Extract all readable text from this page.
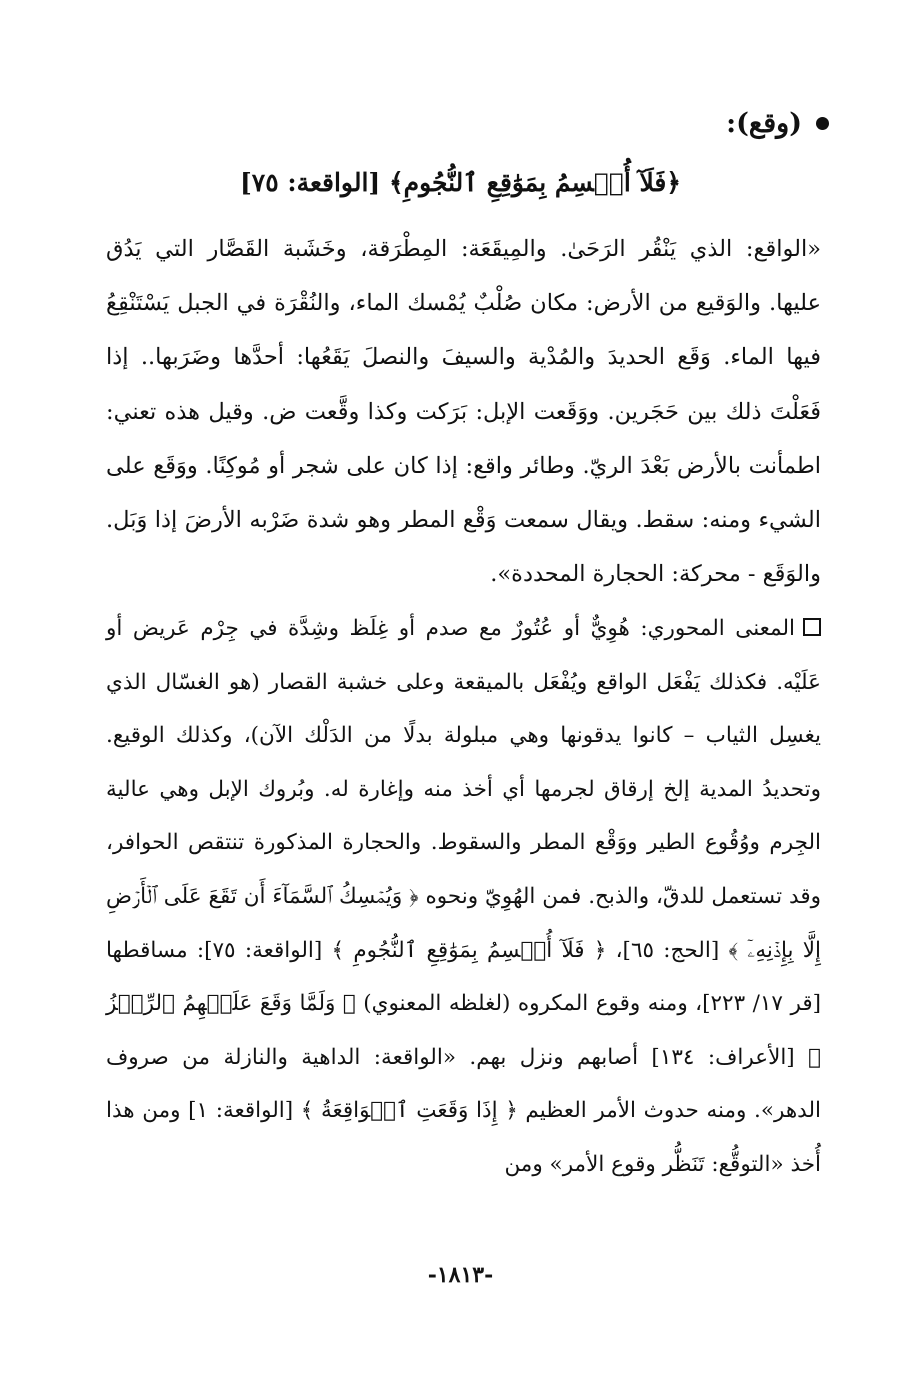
(وقع):
﴿فَلَآ أُقۡسِمُ بِمَوَٰقِعِ ٱلنُّجُومِ﴾ [الواقعة: ٧٥]

«الواقع: الذي يَنْقُر الرَحَىٰ. والمِيقَعَة: المِطْرَقة، وخَشَبة القَصَّار التي يَدُق عليها. والوَقيع من الأرض: مكان صُلْبٌ يُمْسك الماء، والنُقْرَة في الجبل يَسْتَنْقِعُ فيها الماء. وَقَع الحديدَ والمُدْية والسيفَ والنصلَ يَقَعُها: أحدَّها وضَرَبها.. إذا فَعَلْتَ ذلك بين حَجَرين. ووَقَعت الإبل: بَرَكت وكذا وقَّعت ض. وقيل هذه تعني: اطمأنت بالأرض بَعْدَ الريّ. وطائر واقع: إذا كان على شجر أو مُوكِنًا. ووَقَع على الشيء ومنه: سقط. ويقال سمعت وَقْع المطر وهو شدة ضَرْبه الأرضَ إذا وَبَل. والوَقَع - محركة: الحجارة المحددة».

المعنى المحوري: هُوِيٌّ أو عُتُورٌ مع صدم أو غِلَظ وشِدَّة في جِرْم عَريض أو عَلَيْه. فكذلك يَفْعَل الواقع ويُفْعَل بالميقعة وعلى خشبة القصار (هو الغسّال الذي يغسِل الثياب – كانوا يدقونها وهي مبلولة بدلًا من الدَلْك الآن)، وكذلك الوقيع. وتحديدُ المدية إلخ إرقاق لجرمها أي أخذ منه وإغارة له. وبُروك الإبل وهي عالية الجِرم ووُقُوع الطير ووَقْع المطر والسقوط. والحجارة المذكورة تنتقص الحوافر، وقد تستعمل للدقّ، والذبح. فمن الهُوِيّ ونحوه ﴿ وَيُمۡسِكُ ٱلسَّمَآءَ أَن تَقَعَ عَلَى ٱلۡأَرۡضِ إِلَّا بِإِذۡنِهِۦٓ ﴾ [الحج: ٦٥]، ﴿ فَلَآ أُقۡسِمُ بِمَوَٰقِعِ ٱلنُّجُومِ ﴾ [الواقعة: ٧٥]: مساقطها [قر ١٧/ ٢٢٣]، ومنه وقوع المكروه (لغلظه المعنوي) ﴿ وَلَمَّا وَقَعَ عَلَيۡهِمُ ٱلرِّجۡزُ ﴾ [الأعراف: ١٣٤] أصابهم ونزل بهم. «الواقعة: الداهية والنازلة من صروف الدهر». ومنه حدوث الأمر العظيم ﴿ إِذَا وَقَعَتِ ٱلۡوَاقِعَةُ ﴾ [الواقعة: ١] ومن هذا أُخذ «التوقُّع: تَنَظُّر وقوع الأمر» ومن

-١٨١٣-
